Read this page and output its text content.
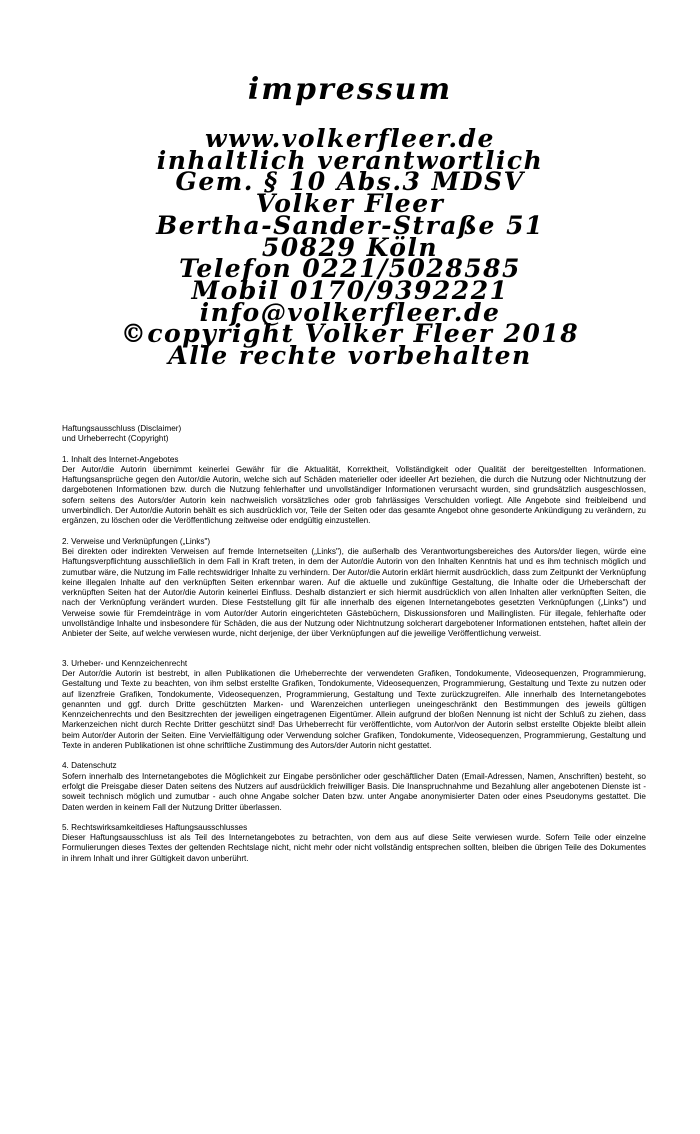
impressum
www.volkerfleer.de
inhaltlich verantwortlich
Gem. § 10 Abs.3 MDSV
Volker Fleer
Bertha-Sander-Straße 51
50829 Köln
Telefon 0221/5028585
Mobil 0170/9392221
info@volkerfleer.de
©copyright Volker Fleer 2018
Alle rechte vorbehalten

Haftungsausschluss (Disclaimer)

und Urheberrecht (Copyright)

1. Inhalt des Internet-Angebotes
Der Autor/die Autorin übernimmt keinerlei Gewähr für die Aktualität, Korrektheit, Vollständigkeit oder Qualität der bereitgestellten Informationen. Haftungsansprüche gegen den Autor/die Autorin, welche sich auf Schäden materieller oder ideeller Art beziehen, die durch die Nutzung oder Nichtnutzung der dargebotenen Informationen bzw. durch die Nutzung fehlerhafter und unvollständiger Informationen verursacht wurden, sind grundsätzlich ausgeschlossen, sofern seitens des Autors/der Autorin kein nachweislich vorsätzliches oder grob fahrlässiges Verschulden vorliegt. Alle Angebote sind freibleibend und unverbindlich. Der Autor/die Autorin behält es sich ausdrücklich vor, Teile der Seiten oder das gesamte Angebot ohne gesonderte Ankündigung zu verändern, zu ergänzen, zu löschen oder die Veröffentlichung zeitweise oder endgültig einzustellen.
2. Verweise und Verknüpfungen („Links")
Bei direkten oder indirekten Verweisen auf fremde Internetseiten („Links"), die außerhalb des Verantwortungsbereiches des Autors/der liegen, würde eine Haftungsverpflichtung ausschließlich in dem Fall in Kraft treten, in dem der Autor/die Autorin von den Inhalten Kenntnis hat und es ihm technisch möglich und zumutbar wäre, die Nutzung im Falle rechtswidriger Inhalte zu verhindern. Der Autor/die Autorin erklärt hiermit ausdrücklich, dass zum Zeitpunkt der Verknüpfung keine illegalen Inhalte auf den verknüpften Seiten erkennbar waren. Auf die aktuelle und zukünftige Gestaltung, die Inhalte oder die Urheberschaft der verknüpften Seiten hat der Autor/die Autorin keinerlei Einfluss. Deshalb distanziert er sich hiermit ausdrücklich von allen Inhalten aller verknüpften Seiten, die nach der Verknüpfung verändert wurden. Diese Feststellung gilt für alle innerhalb des eigenen Internetangebotes gesetzten Verknüpfungen („Links") und Verweise sowie für Fremdeinträge in vom Autor/der Autorin eingerichteten Gästebüchern, Diskussionsforen und Mailinglisten. Für illegale, fehlerhafte oder unvollständige Inhalte und insbesondere für Schäden, die aus der Nutzung oder Nichtnutzung solcherart dargebotener Informationen entstehen, haftet allein der Anbieter der Seite, auf welche verwiesen wurde, nicht derjenige, der über Verknüpfungen auf die jeweilige Veröffentlichung verweist.
3. Urheber- und Kennzeichenrecht
Der Autor/die Autorin ist bestrebt, in allen Publikationen die Urheberrechte der verwendeten Grafiken, Tondokumente, Videosequenzen, Programmierung, Gestaltung und Texte zu beachten, von ihm selbst erstellte Grafiken, Tondokumente, Videosequenzen, Programmierung, Gestaltung und Texte zu nutzen oder auf lizenzfreie Grafiken, Tondokumente, Videosequenzen, Programmierung, Gestaltung und Texte zurückzugreifen. Alle innerhalb des Internetangebotes genannten und ggf. durch Dritte geschützten Marken- und Warenzeichen unterliegen uneingeschränkt den Bestimmungen des jeweils gültigen Kennzeichenrechts und den Besitzrechten der jeweiligen eingetragenen Eigentümer. Allein aufgrund der bloßen Nennung ist nicht der Schluß zu ziehen, dass Markenzeichen nicht durch Rechte Dritter geschützt sind! Das Urheberrecht für veröffentlichte, vom Autor/von der Autorin selbst erstellte Objekte bleibt allein beim Autor/der Autorin der Seiten. Eine Vervielfältigung oder Verwendung solcher Grafiken, Tondokumente, Videosequenzen, Programmierung, Gestaltung und Texte in anderen Publikationen ist ohne schriftliche Zustimmung des Autors/der Autorin nicht gestattet.
4. Datenschutz
Sofern innerhalb des Internetangebotes die Möglichkeit zur Eingabe persönlicher oder geschäftlicher Daten (Email-Adressen, Namen, Anschriften) besteht, so erfolgt die Preisgabe dieser Daten seitens des Nutzers auf ausdrücklich freiwilliger Basis. Die Inanspruchnahme und Bezahlung aller angebotenen Dienste ist - soweit technisch möglich und zumutbar - auch ohne Angabe solcher Daten bzw. unter Angabe anonymisierter Daten oder eines Pseudonyms gestattet. Die Daten werden in keinem Fall der Nutzung Dritter überlassen.
5. Rechtswirksamkeitdieses Haftungsausschlusses
Dieser Haftungsausschluss ist als Teil des Internetangebotes zu betrachten, von dem aus auf diese Seite verwiesen wurde. Sofern Teile oder einzelne Formulierungen dieses Textes der geltenden Rechtslage nicht, nicht mehr oder nicht vollständig entsprechen sollten, bleiben die übrigen Teile des Dokumentes in ihrem Inhalt und ihrer Gültigkeit davon unberührt.
